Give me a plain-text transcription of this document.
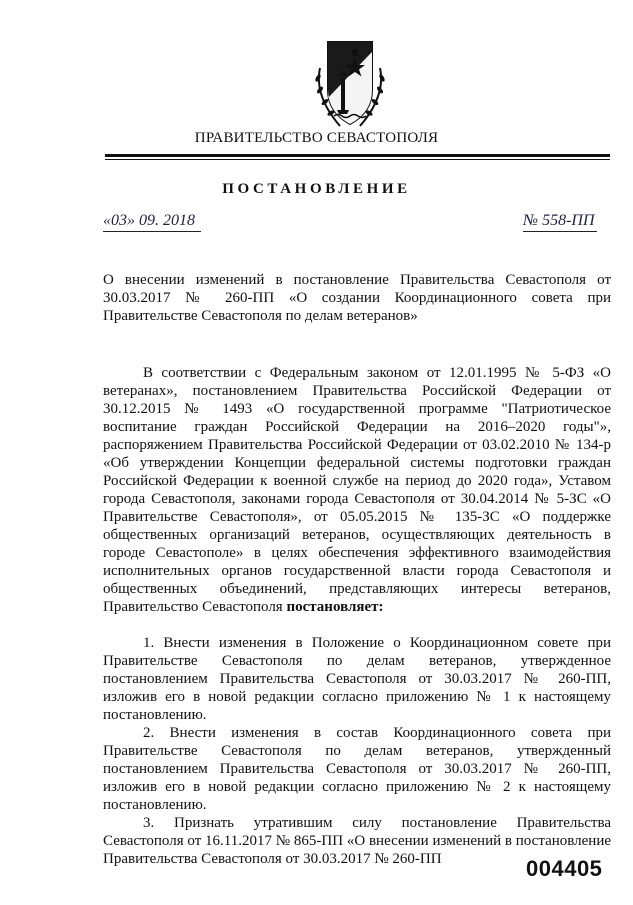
ПРАВИТЕЛЬСТВО СЕВАСТОПОЛЯ
ПОСТАНОВЛЕНИЕ
«03» 09. 2018	№ 558-ПП
О внесении изменений в постановление Правительства Севастополя от 30.03.2017 № 260-ПП «О создании Координационного совета при Правительстве Севастополя по делам ветеранов»

В соответствии с Федеральным законом от 12.01.1995 № 5-ФЗ «О ветеранах», постановлением Правительства Российской Федерации от 30.12.2015 № 1493 «О государственной программе "Патриотическое воспитание граждан Российской Федерации на 2016–2020 годы"», распоряжением Правительства Российской Федерации от 03.02.2010 № 134-р «Об утверждении Концепции федеральной системы подготовки граждан Российской Федерации к военной службе на период до 2020 года», Уставом города Севастополя, законами города Севастополя от 30.04.2014 № 5-ЗС «О Правительстве Севастополя», от 05.05.2015 № 135-ЗС «О поддержке общественных организаций ветеранов, осуществляющих деятельность в городе Севастополе» в целях обеспечения эффективного взаимодействия исполнительных органов государственной власти города Севастополя и общественных объединений, представляющих интересы ветеранов, Правительство Севастополя постановляет:

1. Внести изменения в Положение о Координационном совете при Правительстве Севастополя по делам ветеранов, утвержденное постановлением Правительства Севастополя от 30.03.2017 № 260-ПП, изложив его в новой редакции согласно приложению № 1 к настоящему постановлению.

2. Внести изменения в состав Координационного совета при Правительстве Севастополя по делам ветеранов, утвержденный постановлением Правительства Севастополя от 30.03.2017 № 260-ПП, изложив его в новой редакции согласно приложению № 2 к настоящему постановлению.

3. Признать утратившим силу постановление Правительства Севастополя от 16.11.2017 № 865-ПП «О внесении изменений в постановление Правительства Севастополя от 30.03.2017 № 260-ПП	004405
